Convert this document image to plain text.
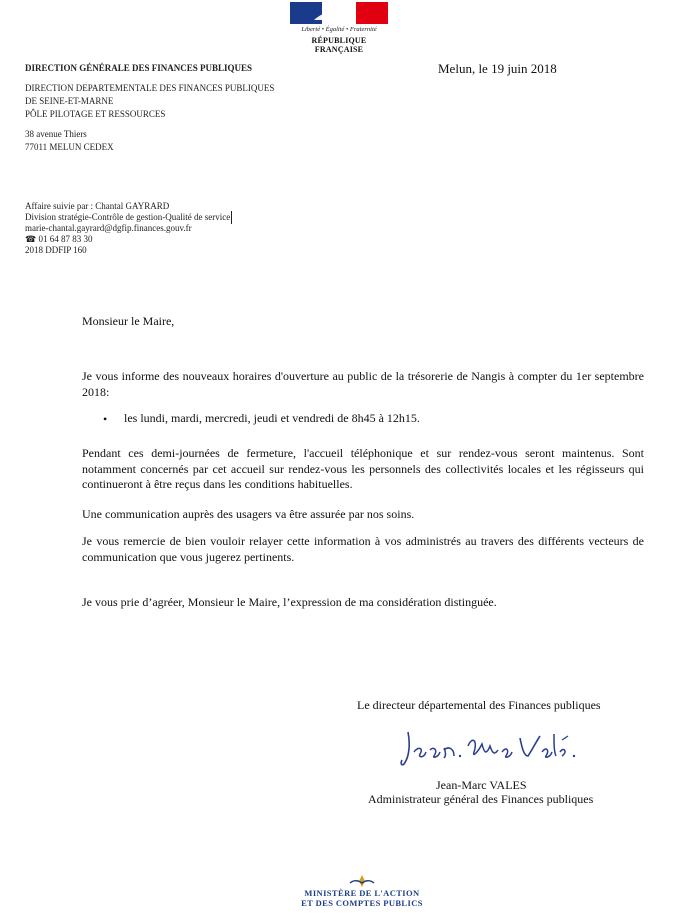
Liberté • Égalité • Fraternité
RÉPUBLIQUE FRANÇAISE
DIRECTION GÉNÉRALE DES FINANCES PUBLIQUES
DIRECTION DEPARTEMENTALE DES FINANCES PUBLIQUES
DE SEINE-ET-MARNE
PÔLE PILOTAGE ET RESSOURCES
38 avenue Thiers
77011 MELUN CEDEX
Melun, le 19 juin 2018
Affaire suivie par : Chantal GAYRARD
Division stratégie-Contrôle de gestion-Qualité de service
marie-chantal.gayrard@dgfip.finances.gouv.fr
☎ 01 64 87 83 30
2018 DDFIP 160
Monsieur le Maire,
Je vous informe des nouveaux horaires d'ouverture au public de la trésorerie de Nangis à compter du 1er septembre 2018:
• les lundi, mardi, mercredi, jeudi et vendredi de 8h45 à 12h15.
Pendant ces demi-journées de fermeture, l'accueil téléphonique et sur rendez-vous seront maintenus. Sont notamment concernés par cet accueil sur rendez-vous les personnels des collectivités locales et les régisseurs qui continueront à être reçus dans les conditions habituelles.
Une communication auprès des usagers va être assurée par nos soins.
Je vous remercie de bien vouloir relayer cette information à vos administrés au travers des différents vecteurs de communication que vous jugerez pertinents.
Je vous prie d’agréer, Monsieur le Maire, l’expression de ma considération distinguée.
Le directeur départemental des Finances publiques
Jean-Marc VALES
Administrateur général des Finances publiques
MINISTÈRE DE L'ACTION
ET DES COMPTES PUBLICS
